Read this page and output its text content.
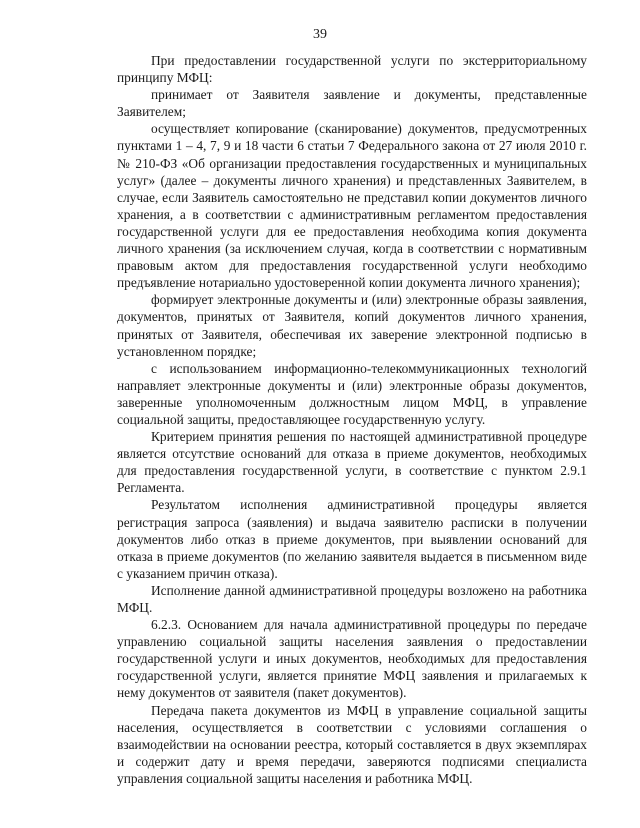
39

При предоставлении государственной услуги по экстерриториальному принципу МФЦ:

принимает от Заявителя заявление и документы, представленные Заявителем;

осуществляет копирование (сканирование) документов, предусмотренных пунктами 1 – 4, 7, 9 и 18 части 6 статьи 7 Федерального закона от 27 июля 2010 г. № 210-ФЗ «Об организации предоставления государственных и муниципальных услуг» (далее – документы личного хранения) и представленных Заявителем, в случае, если Заявитель самостоятельно не представил копии документов личного хранения, а в соответствии с административным регламентом предоставления государственной услуги для ее предоставления необходима копия документа личного хранения (за исключением случая, когда в соответствии с нормативным правовым актом для предоставления государственной услуги необходимо предъявление нотариально удостоверенной копии документа личного хранения);

формирует электронные документы и (или) электронные образы заявления, документов, принятых от Заявителя, копий документов личного хранения, принятых от Заявителя, обеспечивая их заверение электронной подписью в установленном порядке;

с использованием информационно-телекоммуникационных технологий направляет электронные документы и (или) электронные образы документов, заверенные уполномоченным должностным лицом МФЦ, в управление социальной защиты, предоставляющее государственную услугу.

Критерием принятия решения по настоящей административной процедуре является отсутствие оснований для отказа в приеме документов, необходимых для предоставления государственной услуги, в соответствие с пунктом 2.9.1 Регламента.

Результатом исполнения административной процедуры является регистрация запроса (заявления) и выдача заявителю расписки в получении документов либо отказ в приеме документов, при выявлении оснований для отказа в приеме документов (по желанию заявителя выдается в письменном виде с указанием причин отказа).

Исполнение данной административной процедуры возложено на работника МФЦ.

6.2.3. Основанием для начала административной процедуры по передаче управлению социальной защиты населения заявления о предоставлении государственной услуги и иных документов, необходимых для предоставления государственной услуги, является принятие МФЦ заявления и прилагаемых к нему документов от заявителя (пакет документов).

Передача пакета документов из МФЦ в управление социальной защиты населения, осуществляется в соответствии с условиями соглашения о взаимодействии на основании реестра, который составляется в двух экземплярах и содержит дату и время передачи, заверяются подписями специалиста управления социальной защиты населения и работника МФЦ.
